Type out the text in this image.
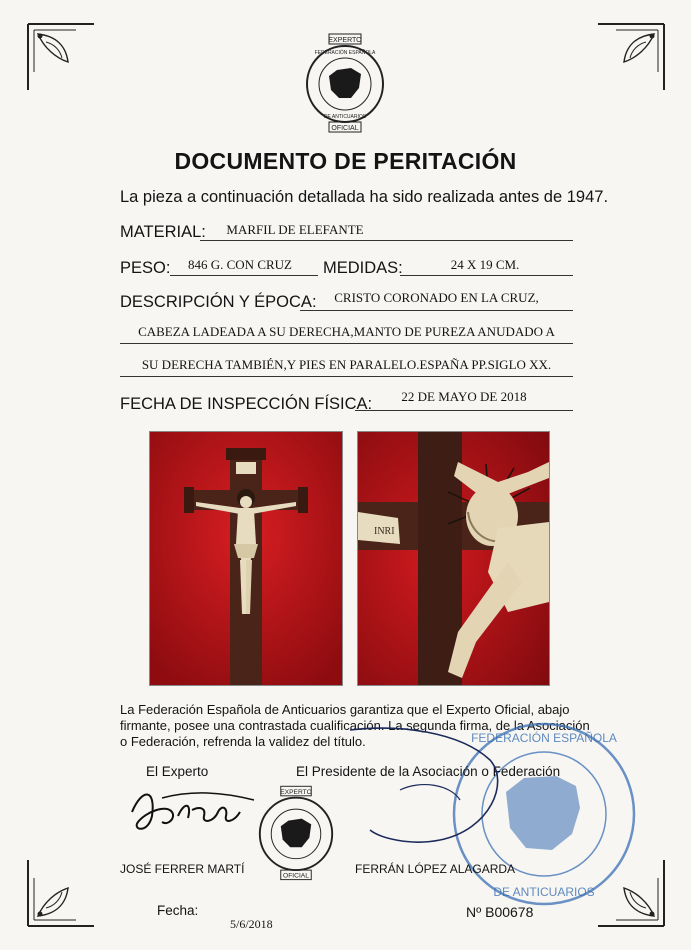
EXPERTO
OFICIAL
FEDERACIÓN ESPAÑOLA
DE ANTICUARIOS
DOCUMENTO DE PERITACIÓN
La pieza a continuación detallada ha sido realizada antes de 1947.
MATERIAL:	MARFIL DE ELEFANTE
PESO:	846 G. CON CRUZ	MEDIDAS:	24 X 19 CM.
DESCRIPCIÓN Y ÉPOCA:	CRISTO CORONADO EN LA CRUZ,
CABEZA LADEADA A SU DERECHA,MANTO DE PUREZA ANUDADO A
SU DERECHA TAMBIÉN,Y PIES EN PARALELO.ESPAÑA PP.SIGLO XX.
FECHA DE INSPECCIÓN FÍSICA:	22 DE MAYO DE 2018
INRI
La Federación Española de Anticuarios garantiza que el Experto Oficial, abajo firmante, posee una contrastada cualificación. La segunda firma, de la Asociación o Federación, refrenda la validez del título.	FEDERACIÓN ESPAÑOLA
DE ANTICUARIOS
El Experto	El Presidente de la Asociación o Federación
EXPERTO
OFICIAL
JOSÉ FERRER MARTÍ	FERRÁN LÓPEZ ALAGARDA
Fecha:
5/6/2018
Nº B00678
